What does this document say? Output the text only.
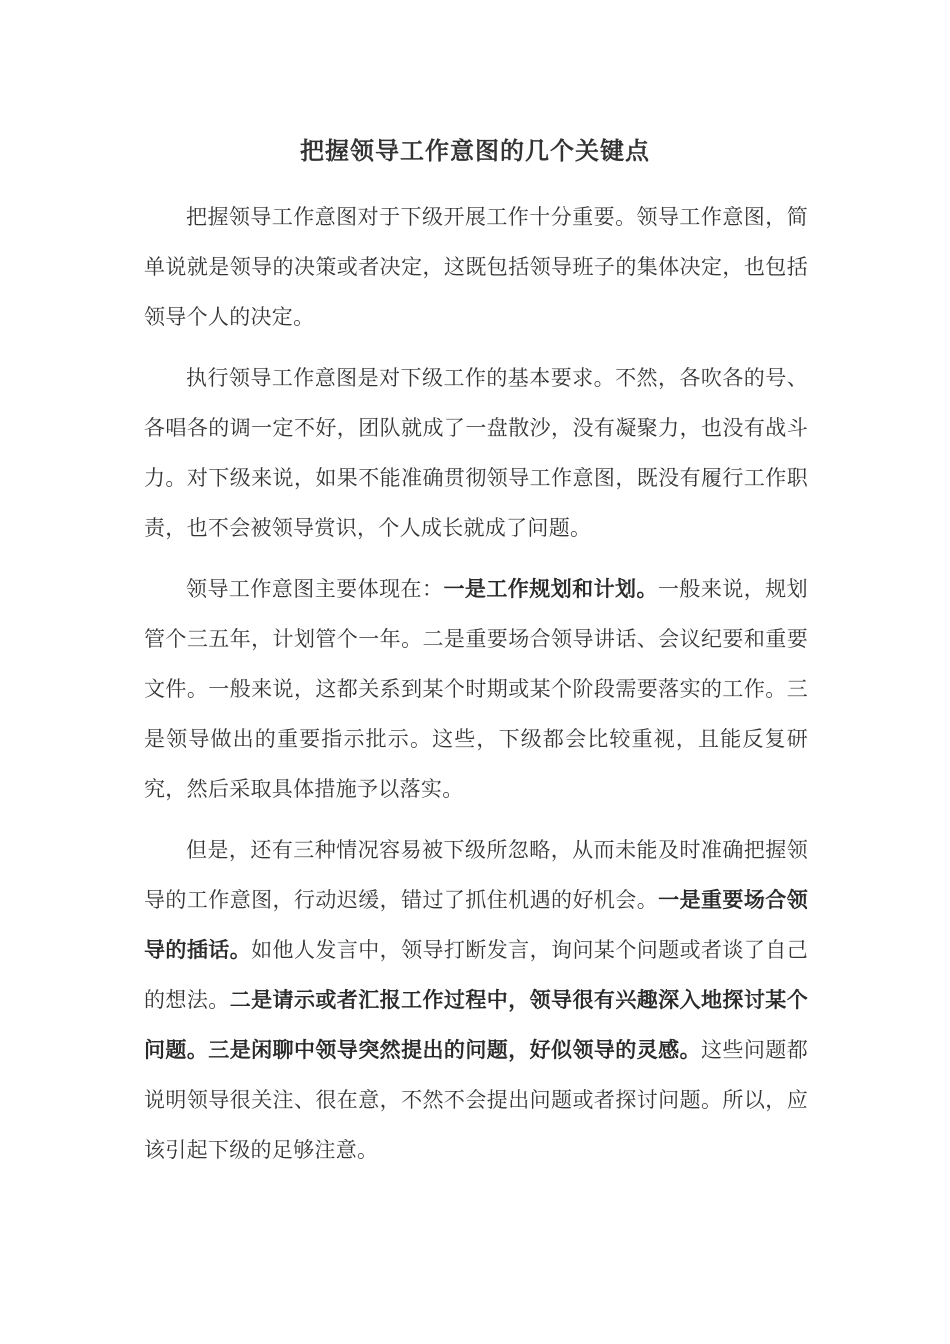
把握领导工作意图的几个关键点

把握领导工作意图对于下级开展工作十分重要。领导工作意图，简单说就是领导的决策或者决定，这既包括领导班子的集体决定，也包括领导个人的决定。

执行领导工作意图是对下级工作的基本要求。不然，各吹各的号、各唱各的调一定不好，团队就成了一盘散沙，没有凝聚力，也没有战斗力。对下级来说，如果不能准确贯彻领导工作意图，既没有履行工作职责，也不会被领导赏识，个人成长就成了问题。

领导工作意图主要体现在：一是工作规划和计划。一般来说，规划管个三五年，计划管个一年。二是重要场合领导讲话、会议纪要和重要文件。一般来说，这都关系到某个时期或某个阶段需要落实的工作。三是领导做出的重要指示批示。这些，下级都会比较重视，且能反复研究，然后采取具体措施予以落实。

但是，还有三种情况容易被下级所忽略，从而未能及时准确把握领导的工作意图，行动迟缓，错过了抓住机遇的好机会。一是重要场合领导的插话。如他人发言中，领导打断发言，询问某个问题或者谈了自己的想法。二是请示或者汇报工作过程中，领导很有兴趣深入地探讨某个问题。三是闲聊中领导突然提出的问题，好似领导的灵感。这些问题都说明领导很关注、很在意，不然不会提出问题或者探讨问题。所以，应该引起下级的足够注意。
